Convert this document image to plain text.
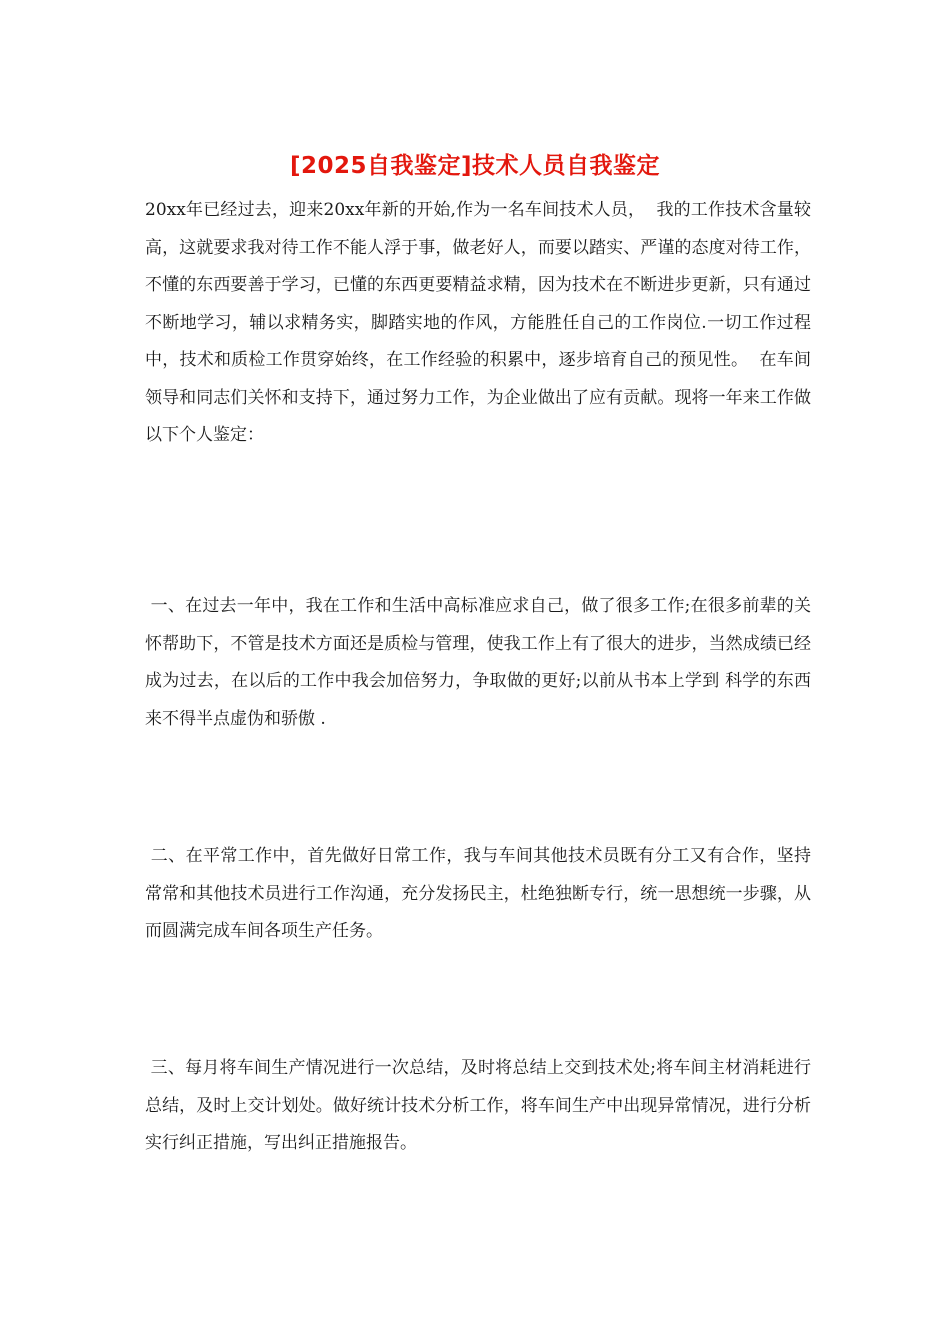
[2025自我鉴定]技术人员自我鉴定
20xx年已经过去，迎来20xx年新的开始,作为一名车间技术人员，  我的工作技术含量较高，这就要求我对待工作不能人浮于事，做老好人，而要以踏实、严谨的态度对待工作，不懂的东西要善于学习，已懂的东西更要精益求精，因为技术在不断进步更新，只有通过不断地学习，辅以求精务实，脚踏实地的作风，方能胜任自己的工作岗位.一切工作过程中，技术和质检工作贯穿始终，在工作经验的积累中，逐步培育自己的预见性。  在车间领导和同志们关怀和支持下，通过努力工作，为企业做出了应有贡献。现将一年来工作做以下个人鉴定：
一、在过去一年中，我在工作和生活中高标准应求自己，做了很多工作;在很多前辈的关怀帮助下，不管是技术方面还是质检与管理，使我工作上有了很大的进步，当然成绩已经成为过去，在以后的工作中我会加倍努力，争取做的更好;以前从书本上学到 科学的东西来不得半点虚伪和骄傲 .
二、在平常工作中，首先做好日常工作，我与车间其他技术员既有分工又有合作，坚持常常和其他技术员进行工作沟通，充分发扬民主，杜绝独断专行，统一思想统一步骤，从而圆满完成车间各项生产任务。
三、每月将车间生产情况进行一次总结，及时将总结上交到技术处;将车间主材消耗进行总结，及时上交计划处。做好统计技术分析工作，将车间生产中出现异常情况，进行分析实行纠正措施，写出纠正措施报告。
